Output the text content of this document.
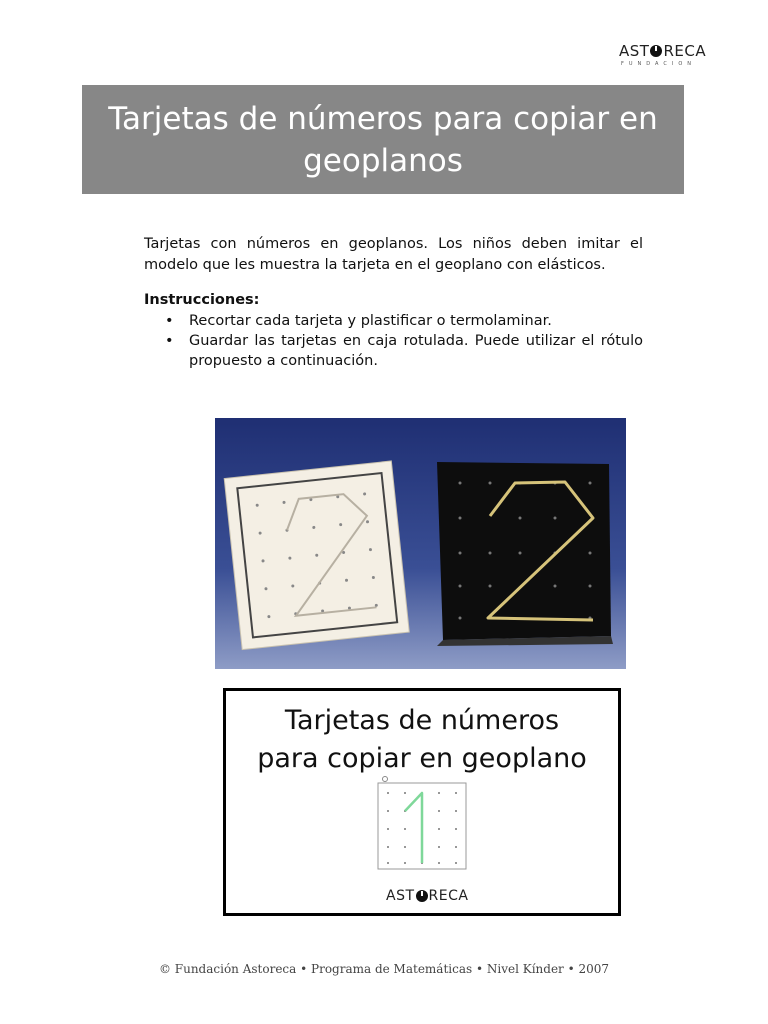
AST RECA
FUNDACION
Tarjetas de números para copiar en geoplanos

Tarjetas con números en geoplanos. Los niños deben imitar el modelo que les muestra la tarjeta en el geoplano con elásticos.

Instrucciones:

• Recortar cada tarjeta y plastificar o termolaminar.
• Guardar las tarjetas en caja rotulada. Puede utilizar el rótulo propuesto a continuación.
Tarjetas de números
para copiar en geoplano
AST RECA

© Fundación Astoreca • Programa de Matemáticas • Nivel Kínder • 2007
